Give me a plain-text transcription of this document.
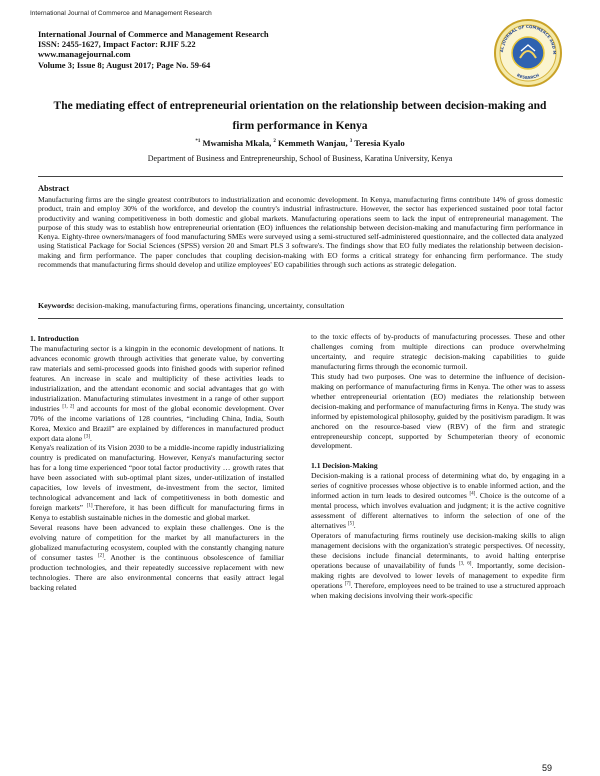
International Journal of Commerce and Management Research
International Journal of Commerce and Management Research
ISSN: 2455-1627, Impact Factor: RJIF 5.22
www.managejournal.com
Volume 3; Issue 8; August 2017; Page No. 59-64
AL JOURNAL OF COMMERCE AND M
RESEARCH
The mediating effect of entrepreneurial orientation on the relationship between decision-making and
firm performance in Kenya
$^{*1}$ Mwamisha Mkala, $^2$ Kemmeth Wanjau, $^3$ Teresia Kyalo
Department of Business and Entrepreneurship, School of Business, Karatina University, Kenya
Abstract
Manufacturing firms are the single greatest contributors to industrialization and economic development. In Kenya, manufacturing firms contribute 14% of gross domestic product, train and employ 30% of the workforce, and develop the country's industrial infrastructure. However, the sector has experienced sustained poor total factor productivity and waning competitiveness in both domestic and global markets. Manufacturing operations seem to lack the input of entrepreneurial management. The purpose of this study was to establish how entrepreneurial orientation (EO) influences the relationship between decision-making and manufacturing firm performance in Kenya. Eighty-three owners/managers of food manufacturing SMEs were surveyed using a semi-structured self-administered questionnaire, and the collected data analyzed using Statistical Package for Social Sciences (SPSS) version 20 and Smart PLS 3 software's. The findings show that EO fully mediates the relationship between decision-making and firm performance. The paper concludes that coupling decision-making with EO forms a critical strategy for enhancing firm performance. The study recommends that manufacturing firms should develop and utilize employees' EO capabilities through such actions as strategic delegation.
Keywords: decision-making, manufacturing firms, operations financing, uncertainty, consultation
1. Introduction

The manufacturing sector is a kingpin in the economic development of nations. It advances economic growth through activities that generate value, by converting raw materials and semi-processed goods into finished goods with superior refined features. An increase in scale and multiplicity of these activities leads to industrialization, and the attendant economic and social advantages that go with industrialization. Manufacturing stimulates investment in a range of other support industries [1, 2] and accounts for most of the global economic development. Over 70% of the income variations of 128 countries, “including China, India, South Korea, Mexico and Brazil” are explained by differences in manufactured product export data alone [3].

Kenya's realization of its Vision 2030 to be a middle-income rapidly industrializing country is predicated on manufacturing. However, Kenya's manufacturing sector has for a long time experienced “poor total factor productivity … growth rates that have been associated with sub-optimal plant sizes, under-utilization of installed capacities, low levels of investment, de-investment from the sector, limited technological advancement and lack of competitiveness in both domestic and foreign markets” [1].Therefore, it has been difficult for manufacturing firms in Kenya to establish sustainable niches in the domestic and global market.

Several reasons have been advanced to explain these challenges. One is the evolving nature of competition for the market by all manufacturers in the globalized manufacturing ecosystem, coupled with the constantly changing nature of consumer tastes [2]. Another is the continuous obsolescence of familiar production technologies, and their repeatedly successive replacement with new technologies. There are also environmental concerns that easily attract legal backing related

to the toxic effects of by-products of manufacturing processes. These and other challenges coming from multiple directions can produce overwhelming uncertainty, and require strategic decision-making capabilities to guide manufacturing firms through the economic turmoil.

This study had two purposes. One was to determine the influence of decision-making on performance of manufacturing firms in Kenya. The other was to assess whether entrepreneurial orientation (EO) mediates the relationship between decision-making and performance of manufacturing firms in Kenya. The study was informed by epistemological philosophy, guided by the positivism paradigm. It was anchored on the resource-based view (RBV) of the firm and strategic entrepreneurship concept, supported by Schumpeterian theory of economic development.

1.1 Decision-Making

Decision-making is a rational process of determining what do, by engaging in a series of cognitive processes whose objective is to enable informed action, and the informed action in turn leads to desired outcomes [4]. Choice is the outcome of a mental process, which involves evaluation and judgment; it is the active cognitive assessment of different alternatives to inform the selection of one of the alternatives [5].

Operators of manufacturing firms routinely use decision-making skills to align management decisions with the organization's strategic perspectives. Of necessity, these decisions include financial determinants, to avoid halting enterprise operations because of unavailability of funds [3, 6]. Importantly, some decision-making rights are devolved to lower levels of management to expedite firm operations [7]. Therefore, employees need to be trained to use a structured approach when making decisions involving their work-specific

59
